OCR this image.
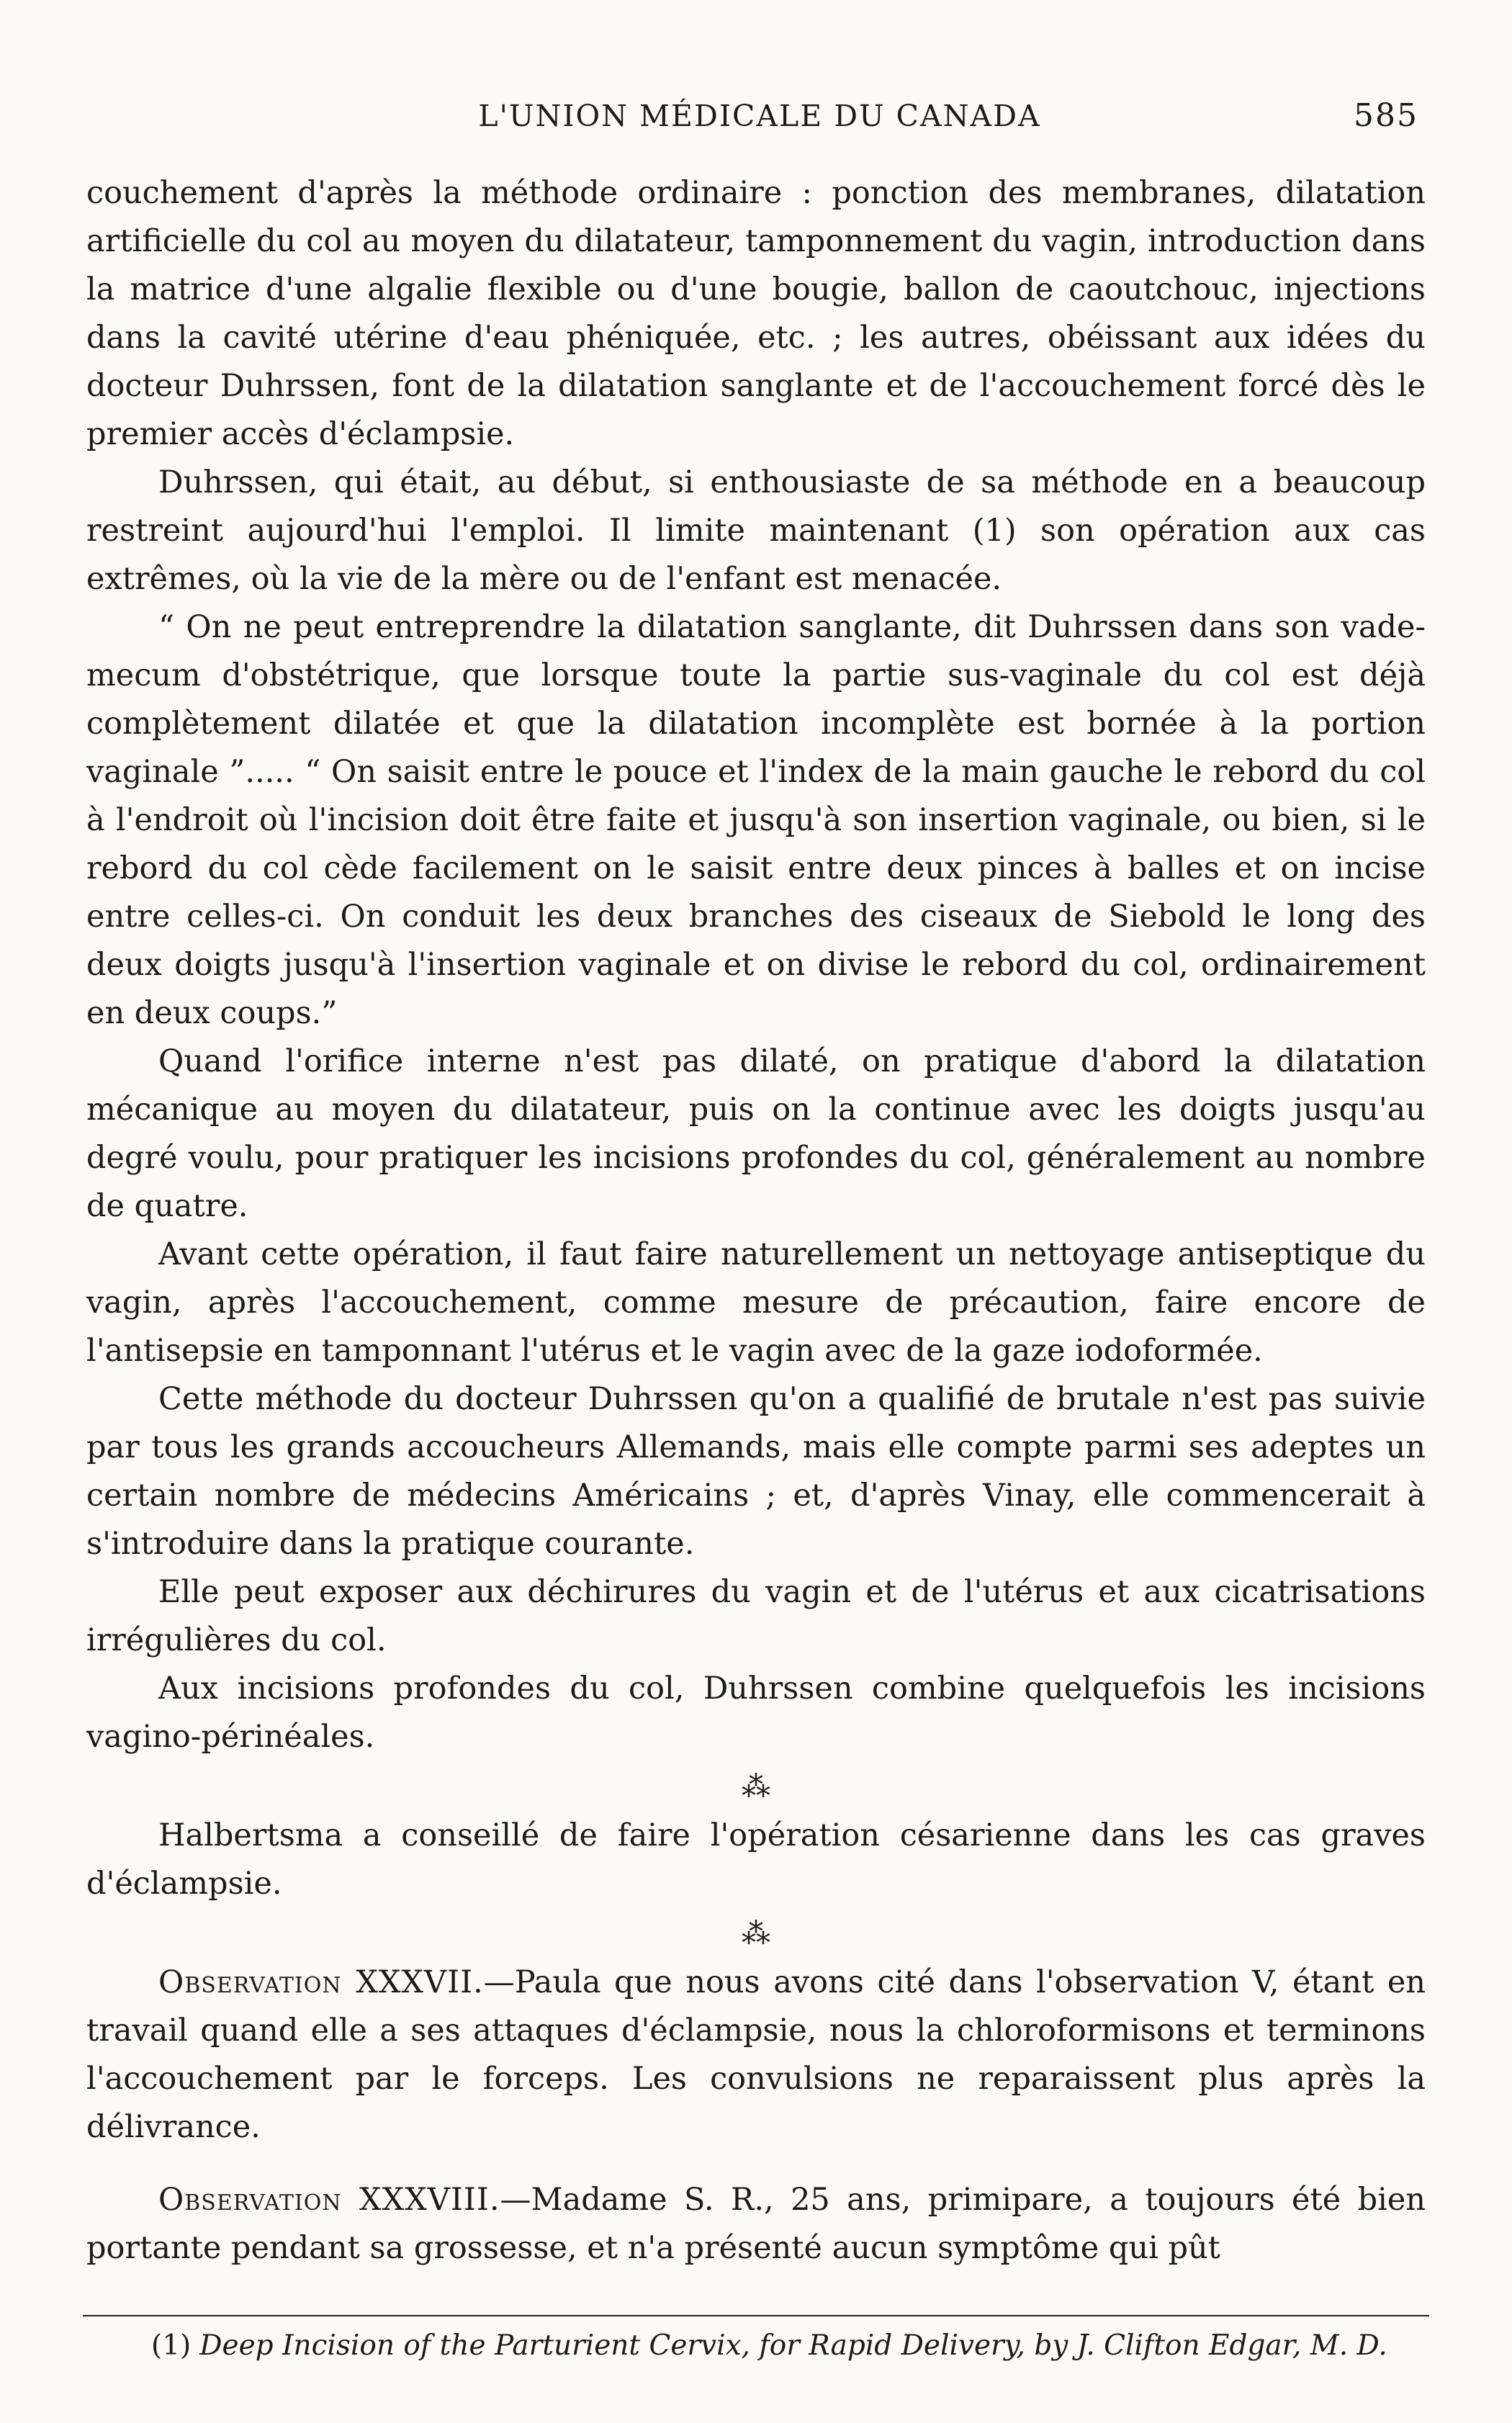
L'UNION MÉDICALE DU CANADA	585

couchement d'après la méthode ordinaire : ponction des membranes, dilatation artificielle du col au moyen du dilatateur, tamponnement du vagin, introduction dans la matrice d'une algalie flexible ou d'une bougie, ballon de caoutchouc, injections dans la cavité utérine d'eau phéniquée, etc. ; les autres, obéissant aux idées du docteur Duhrssen, font de la dilatation sanglante et de l'accouchement forcé dès le premier accès d'éclampsie.

Duhrssen, qui était, au début, si enthousiaste de sa méthode en a beaucoup restreint aujourd'hui l'emploi. Il limite maintenant (1) son opération aux cas extrêmes, où la vie de la mère ou de l'enfant est menacée.

“ On ne peut entreprendre la dilatation sanglante, dit Duhrssen dans son vade-mecum d'obstétrique, que lorsque toute la partie sus-vaginale du col est déjà complètement dilatée et que la dilatation incomplète est bornée à la portion vaginale ”..... “ On saisit entre le pouce et l'index de la main gauche le rebord du col à l'endroit où l'incision doit être faite et jusqu'à son insertion vaginale, ou bien, si le rebord du col cède facilement on le saisit entre deux pinces à balles et on incise entre celles-ci. On conduit les deux branches des ciseaux de Siebold le long des deux doigts jusqu'à l'insertion vaginale et on divise le rebord du col, ordinairement en deux coups.”

Quand l'orifice interne n'est pas dilaté, on pratique d'abord la dilatation mécanique au moyen du dilatateur, puis on la continue avec les doigts jusqu'au degré voulu, pour pratiquer les incisions profondes du col, généralement au nombre de quatre.

Avant cette opération, il faut faire naturellement un nettoyage antiseptique du vagin, après l'accouchement, comme mesure de précaution, faire encore de l'antisepsie en tamponnant l'utérus et le vagin avec de la gaze iodoformée.

Cette méthode du docteur Duhrssen qu'on a qualifié de brutale n'est pas suivie par tous les grands accoucheurs Allemands, mais elle compte parmi ses adeptes un certain nombre de médecins Américains ; et, d'après Vinay, elle commencerait à s'introduire dans la pratique courante.

Elle peut exposer aux déchirures du vagin et de l'utérus et aux cicatrisations irrégulières du col.

Aux incisions profondes du col, Duhrssen combine quelquefois les incisions vagino-périnéales.

⁂

Halbertsma a conseillé de faire l'opération césarienne dans les cas graves d'éclampsie.

⁂

Observation XXXVII.—Paula que nous avons cité dans l'observation V, étant en travail quand elle a ses attaques d'éclampsie, nous la chloroformisons et terminons l'accouchement par le forceps. Les convulsions ne reparaissent plus après la délivrance.

Observation XXXVIII.—Madame S. R., 25 ans, primipare, a toujours été bien portante pendant sa grossesse, et n'a présenté aucun symptôme qui pût

(1) Deep Incision of the Parturient Cervix, for Rapid Delivery, by J. Clifton Edgar, M. D.
